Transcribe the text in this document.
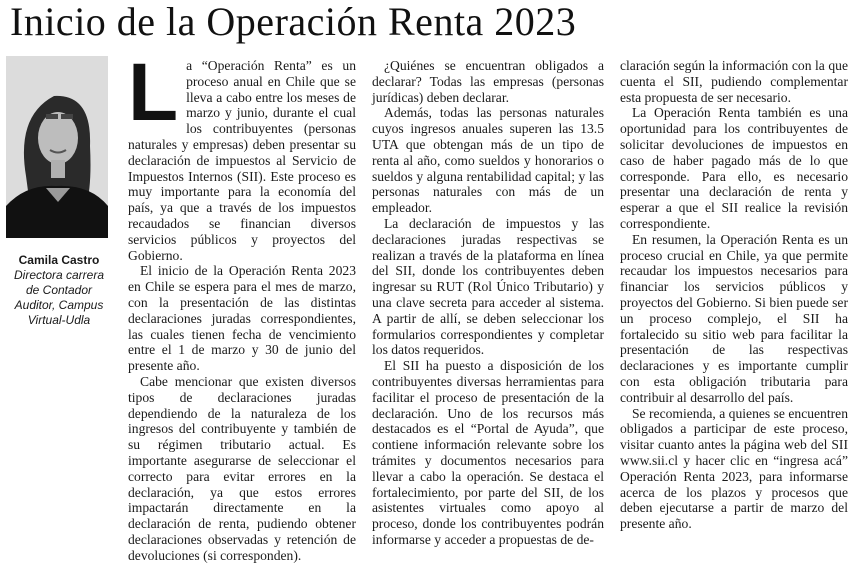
Inicio de la Operación Renta 2023
Camila Castro
Directora carrera de Contador Auditor, Campus Virtual-Udla

La “Operación Renta” es un proceso anual en Chile que se lleva a cabo entre los meses de marzo y junio, durante el cual los contribuyentes (personas naturales y empresas) deben presentar su declaración de impuestos al Servicio de Impuestos Internos (SII). Este proceso es muy importante para la economía del país, ya que a través de los impuestos recaudados se financian diversos servicios públicos y proyectos del Gobierno.

El inicio de la Operación Renta 2023 en Chile se espera para el mes de marzo, con la presentación de las distintas declaraciones juradas correspondientes, las cuales tienen fecha de vencimiento entre el 1 de marzo y 30 de junio del presente año.

Cabe mencionar que existen diversos tipos de declaraciones juradas dependiendo de la naturaleza de los ingresos del contribuyente y también de su régimen tributario actual. Es importante asegurarse de seleccionar el correcto para evitar errores en la declaración, ya que estos errores impactarán directamente en la declaración de renta, pudiendo obtener declaraciones observadas y retención de devoluciones (si corresponden).

¿Quiénes se encuentran obligados a declarar? Todas las empresas (personas jurídicas) deben declarar.

Además, todas las personas naturales cuyos ingresos anuales superen las 13.5 UTA que obtengan más de un tipo de renta al año, como sueldos y honorarios o sueldos y alguna rentabilidad capital; y las personas naturales con más de un empleador.

La declaración de impuestos y las declaraciones juradas respectivas se realizan a través de la plataforma en línea del SII, donde los contribuyentes deben ingresar su RUT (Rol Único Tributario) y una clave secreta para acceder al sistema. A partir de allí, se deben seleccionar los formularios correspondientes y completar los datos requeridos.

El SII ha puesto a disposición de los contribuyentes diversas herramientas para facilitar el proceso de presentación de la declaración. Uno de los recursos más destacados es el “Portal de Ayuda”, que contiene información relevante sobre los trámites y documentos necesarios para llevar a cabo la operación. Se destaca el fortalecimiento, por parte del SII, de los asistentes virtuales como apoyo al proceso, donde los contribuyentes podrán informarse y acceder a propuestas de de-

claración según la información con la que cuenta el SII, pudiendo complementar esta propuesta de ser necesario.

La Operación Renta también es una oportunidad para los contribuyentes de solicitar devoluciones de impuestos en caso de haber pagado más de lo que corresponde. Para ello, es necesario presentar una declaración de renta y esperar a que el SII realice la revisión correspondiente.

En resumen, la Operación Renta es un proceso crucial en Chile, ya que permite recaudar los impuestos necesarios para financiar los servicios públicos y proyectos del Gobierno. Si bien puede ser un proceso complejo, el SII ha fortalecido su sitio web para facilitar la presentación de las respectivas declaraciones y es importante cumplir con esta obligación tributaria para contribuir al desarrollo del país.

Se recomienda, a quienes se encuentren obligados a participar de este proceso, visitar cuanto antes la página web del SII www.sii.cl y hacer clic en “ingresa acá” Operación Renta 2023, para informarse acerca de los plazos y procesos que deben ejecutarse a partir de marzo del presente año.
